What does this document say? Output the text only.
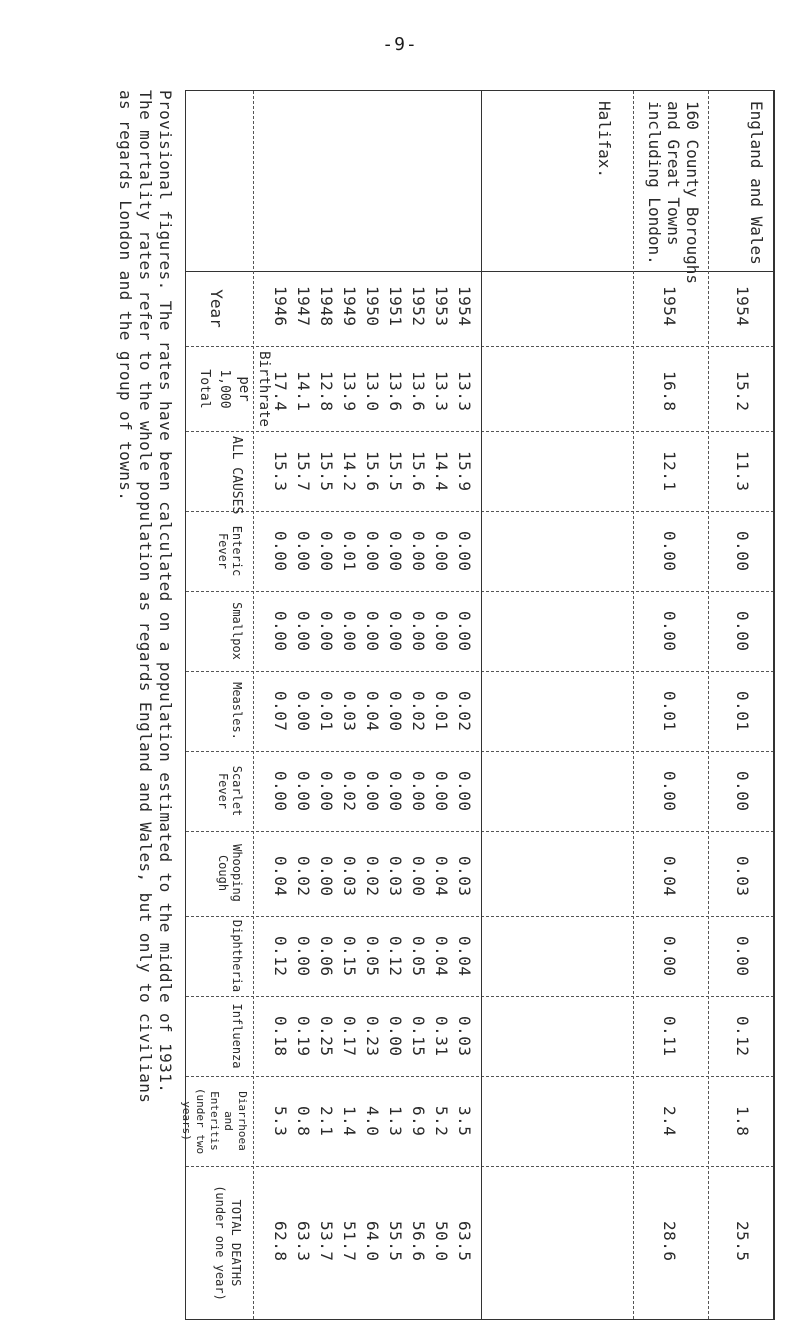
-9-
England and Wales
160 County Boroughs
and Great Towns
including London.
Halifax.
Year
Birthrate
per
1,000
Total
ALL CAUSES
Enteric Fever
Smallpox
Measles.
Scarlet Fever
Whooping Cough
Diphtheria
Influenza
Diarrhoea and
Enteritis
(under two years)
TOTAL DEATHS
(under one year)
1954
15.2
11.3
0.00
0.00
0.01
0.00
0.03
0.00
0.12
1.8
25.5
1954
16.8
12.1
0.00
0.00
0.01
0.00
0.04
0.00
0.11
2.4
28.6
1954
13.3
15.9
0.00
0.00
0.02
0.00
0.03
0.04
0.03
3.5
63.5
1953
13.3
14.4
0.00
0.00
0.01
0.00
0.04
0.04
0.31
5.2
50.0
1952
13.6
15.6
0.00
0.00
0.02
0.00
0.00
0.05
0.15
6.9
56.6
1951
13.6
15.5
0.00
0.00
0.00
0.00
0.03
0.12
0.00
1.3
55.5
1950
13.0
15.6
0.00
0.00
0.04
0.00
0.02
0.05
0.23
4.0
64.0
1949
13.9
14.2
0.01
0.00
0.03
0.02
0.03
0.15
0.17
1.4
51.7
1948
12.8
15.5
0.00
0.00
0.01
0.00
0.00
0.06
0.25
2.1
53.7
1947
14.1
15.7
0.00
0.00
0.00
0.00
0.02
0.00
0.19
0.8
63.3
1946
17.4
15.3
0.00
0.00
0.07
0.00
0.04
0.12
0.18
5.3
62.8
Provisional figures. The rates have been calculated on a population estimated to the middle of 1931.
The mortality rates refer to the whole population as regards England and Wales, but only to civilians
as regards London and the group of towns.
